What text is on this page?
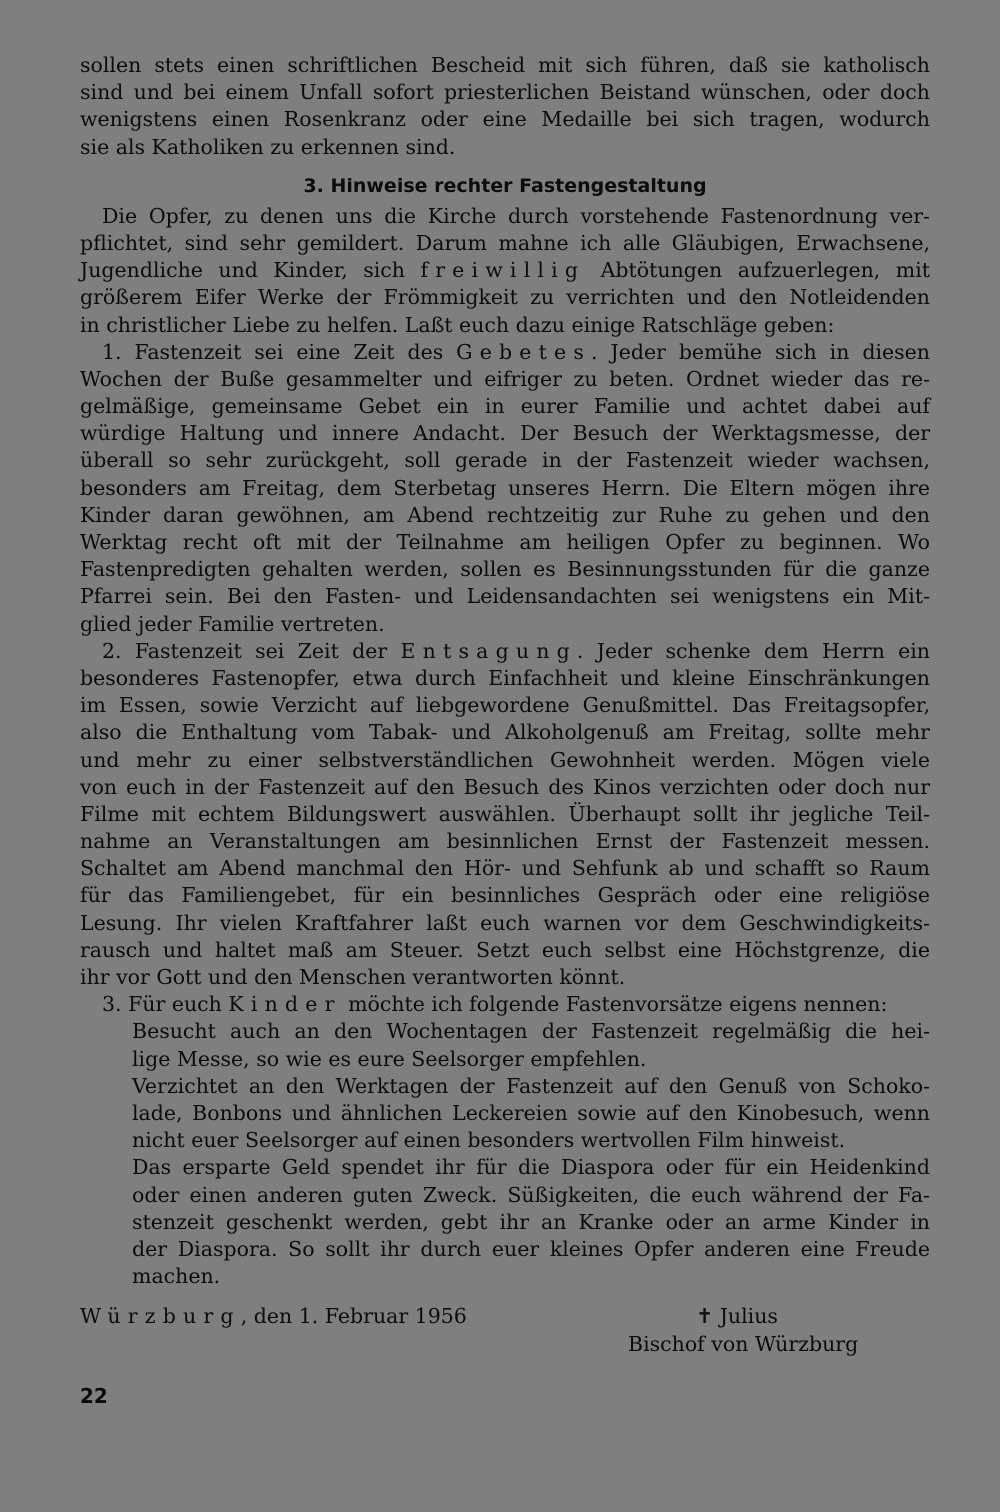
sollen stets einen schriftlichen Bescheid mit sich führen, daß sie katholisch
sind und bei einem Unfall sofort priesterlichen Beistand wünschen, oder doch
wenigstens einen Rosenkranz oder eine Medaille bei sich tragen, wodurch
sie als Katholiken zu erkennen sind.
3. Hinweise rechter Fastengestaltung
Die Opfer, zu denen uns die Kirche durch vorstehende Fastenordnung ver-
pflichtet, sind sehr gemildert. Darum mahne ich alle Gläubigen, Erwachsene,
Jugendliche und Kinder, sich freiwillig Abtötungen aufzuerlegen, mit
größerem Eifer Werke der Frömmigkeit zu verrichten und den Notleidenden
in christlicher Liebe zu helfen. Laßt euch dazu einige Ratschläge geben:
1. Fastenzeit sei eine Zeit des Gebetes. Jeder bemühe sich in diesen
Wochen der Buße gesammelter und eifriger zu beten. Ordnet wieder das re-
gelmäßige, gemeinsame Gebet ein in eurer Familie und achtet dabei auf
würdige Haltung und innere Andacht. Der Besuch der Werktagsmesse, der
überall so sehr zurückgeht, soll gerade in der Fastenzeit wieder wachsen,
besonders am Freitag, dem Sterbetag unseres Herrn. Die Eltern mögen ihre
Kinder daran gewöhnen, am Abend rechtzeitig zur Ruhe zu gehen und den
Werktag recht oft mit der Teilnahme am heiligen Opfer zu beginnen. Wo
Fastenpredigten gehalten werden, sollen es Besinnungsstunden für die ganze
Pfarrei sein. Bei den Fasten- und Leidensandachten sei wenigstens ein Mit-
glied jeder Familie vertreten.
2. Fastenzeit sei Zeit der Entsagung. Jeder schenke dem Herrn ein
besonderes Fastenopfer, etwa durch Einfachheit und kleine Einschränkungen
im Essen, sowie Verzicht auf liebgewordene Genußmittel. Das Freitagsopfer,
also die Enthaltung vom Tabak- und Alkoholgenuß am Freitag, sollte mehr
und mehr zu einer selbstverständlichen Gewohnheit werden. Mögen viele
von euch in der Fastenzeit auf den Besuch des Kinos verzichten oder doch nur
Filme mit echtem Bildungswert auswählen. Überhaupt sollt ihr jegliche Teil-
nahme an Veranstaltungen am besinnlichen Ernst der Fastenzeit messen.
Schaltet am Abend manchmal den Hör- und Sehfunk ab und schafft so Raum
für das Familiengebet, für ein besinnliches Gespräch oder eine religiöse
Lesung. Ihr vielen Kraftfahrer laßt euch warnen vor dem Geschwindigkeits-
rausch und haltet maß am Steuer. Setzt euch selbst eine Höchstgrenze, die
ihr vor Gott und den Menschen verantworten könnt.
3. Für euch Kinder möchte ich folgende Fastenvorsätze eigens nennen:
Besucht auch an den Wochentagen der Fastenzeit regelmäßig die hei-
lige Messe, so wie es eure Seelsorger empfehlen.
Verzichtet an den Werktagen der Fastenzeit auf den Genuß von Schoko-
lade, Bonbons und ähnlichen Leckereien sowie auf den Kinobesuch, wenn
nicht euer Seelsorger auf einen besonders wertvollen Film hinweist.
Das ersparte Geld spendet ihr für die Diaspora oder für ein Heidenkind
oder einen anderen guten Zweck. Süßigkeiten, die euch während der Fa-
stenzeit geschenkt werden, gebt ihr an Kranke oder an arme Kinder in
der Diaspora. So sollt ihr durch euer kleines Opfer anderen eine Freude
machen.
Würzburg, den 1. Februar 1956	✝ Julius
Bischof von Würzburg
22
